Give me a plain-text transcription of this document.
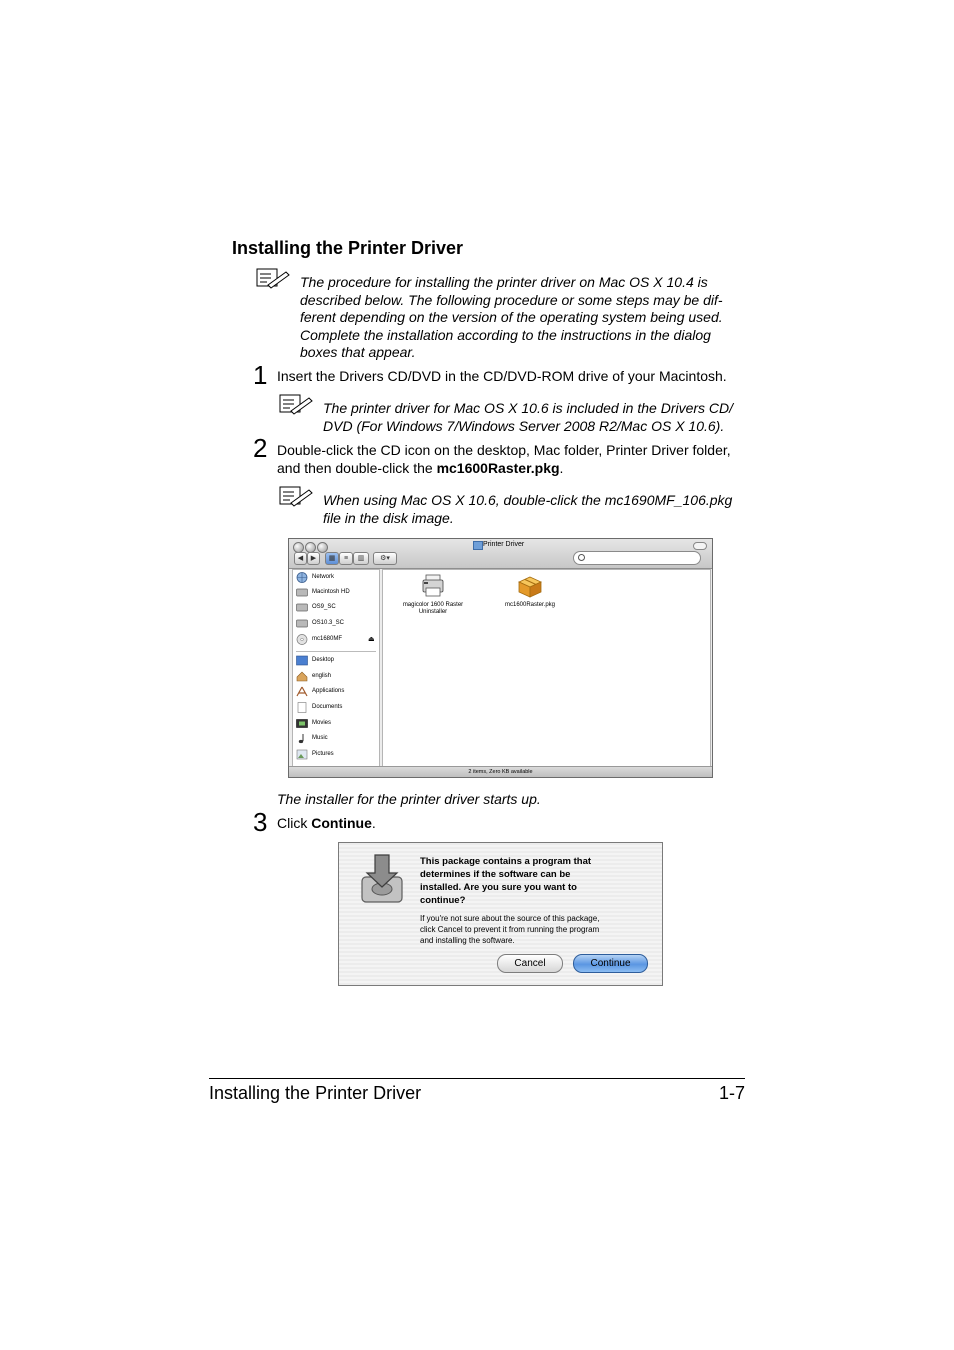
Installing the Printer Driver
The procedure for installing the printer driver on Mac OS X 10.4 is
described below. The following procedure or some steps may be dif-
ferent depending on the version of the operating system being used.
Complete the installation according to the instructions in the dialog
boxes that appear.
1 Insert the Drivers CD/DVD in the CD/DVD-ROM drive of your Macintosh.
The printer driver for Mac OS X 10.6 is included in the Drivers CD/
DVD (For Windows 7/Windows Server 2008 R2/Mac OS X 10.6).
2 Double-click the CD icon on the desktop, Mac folder, Printer Driver folder,
and then double-click the mc1600Raster.pkg.
When using Mac OS X 10.6, double-click the mc1690MF_106.pkg
file in the disk image.
Printer Driver
◀	▶	▦	≡	▥	⚙▾
Network
Macintosh HD
OS9_SC
OS10.3_SC
mc1680MF	⏏
Desktop
english
Applications
Documents
Movies
Music
Pictures
magicolor 1600 Raster
Uninstaller
mc1600Raster.pkg
2 items, Zero KB available
The installer for the printer driver starts up.
3 Click Continue.
This package contains a program that
determines if the software can be
installed. Are you sure you want to
continue?
If you're not sure about the source of this package,
click Cancel to prevent it from running the program
and installing the software.
Cancel	Continue
Installing the Printer Driver	1-7
